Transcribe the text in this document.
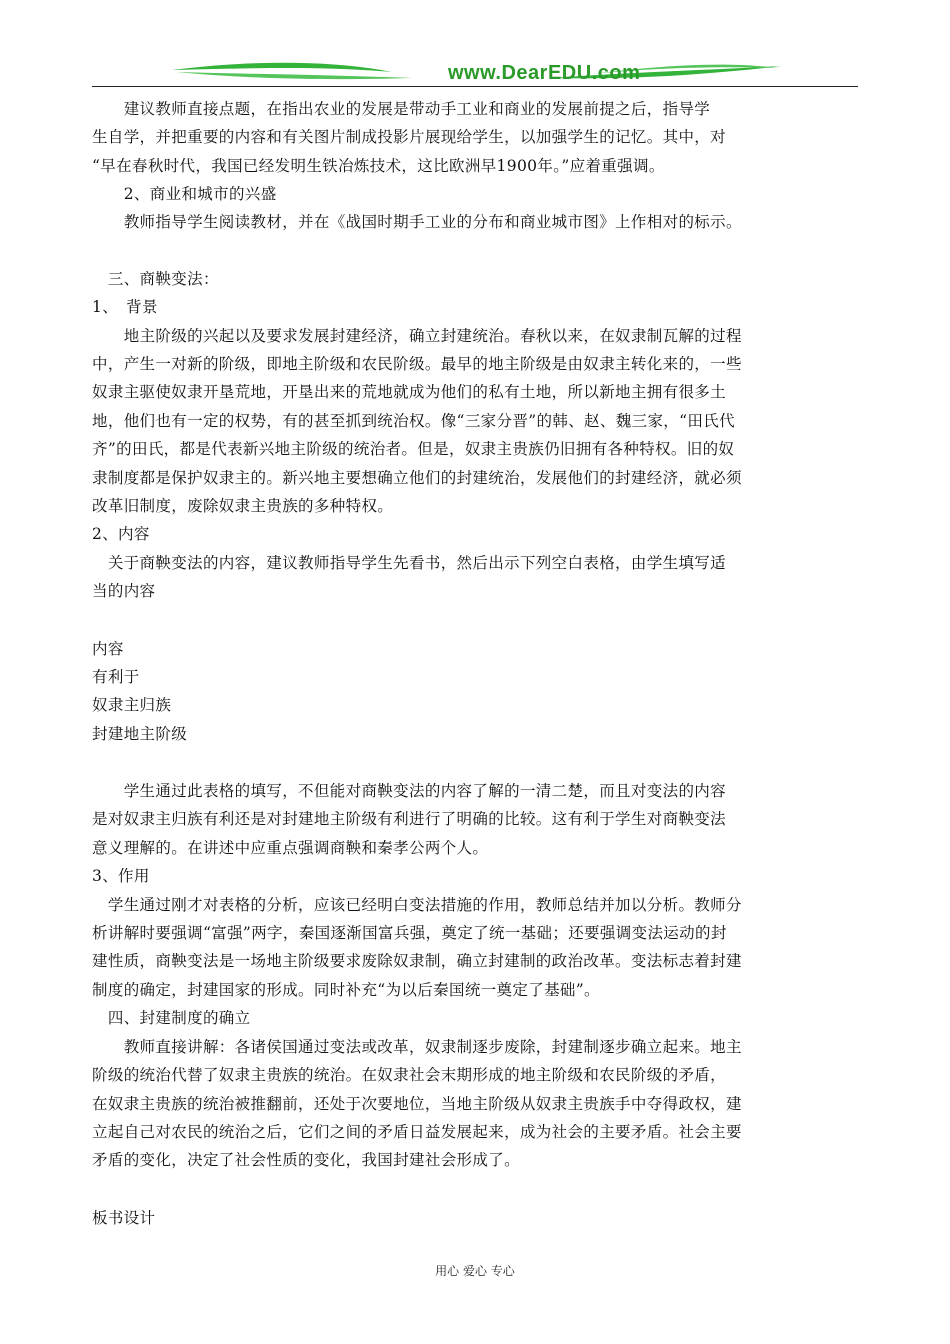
www.DearEDU.com
　　建议教师直接点题，在指出农业的发展是带动手工业和商业的发展前提之后，指导学
生自学，并把重要的内容和有关图片制成投影片展现给学生，以加强学生的记忆。其中，对
“早在春秋时代，我国已经发明生铁冶炼技术，这比欧洲早1900年。”应着重强调。
　　2、商业和城市的兴盛
　　教师指导学生阅读教材，并在《战国时期手工业的分布和商业城市图》上作相对的标示。
　三、商鞅变法：
1、　背景
　　地主阶级的兴起以及要求发展封建经济，确立封建统治。春秋以来，在奴隶制瓦解的过程
中，产生一对新的阶级，即地主阶级和农民阶级。最早的地主阶级是由奴隶主转化来的，一些
奴隶主驱使奴隶开垦荒地，开垦出来的荒地就成为他们的私有土地，所以新地主拥有很多土
地，他们也有一定的权势，有的甚至抓到统治权。像“三家分晋”的韩、赵、魏三家，“田氏代
齐”的田氏，都是代表新兴地主阶级的统治者。但是，奴隶主贵族仍旧拥有各种特权。旧的奴
隶制度都是保护奴隶主的。新兴地主要想确立他们的封建统治，发展他们的封建经济，就必须
改革旧制度，废除奴隶主贵族的多种特权。
2、内容
　关于商鞅变法的内容，建议教师指导学生先看书，然后出示下列空白表格，由学生填写适
当的内容
内容
有利于
奴隶主归族
封建地主阶级
　　学生通过此表格的填写，不但能对商鞅变法的内容了解的一清二楚，而且对变法的内容
是对奴隶主归族有利还是对封建地主阶级有利进行了明确的比较。这有利于学生对商鞅变法
意义理解的。在讲述中应重点强调商鞅和秦孝公两个人。
3、作用
　学生通过刚才对表格的分析，应该已经明白变法措施的作用，教师总结并加以分析。教师分
析讲解时要强调“富强”两字，秦国逐渐国富兵强，奠定了统一基础；还要强调变法运动的封
建性质，商鞅变法是一场地主阶级要求废除奴隶制，确立封建制的政治改革。变法标志着封建
制度的确定，封建国家的形成。同时补充“为以后秦国统一奠定了基础”。
　四、封建制度的确立
　　教师直接讲解：各诸侯国通过变法或改革，奴隶制逐步废除，封建制逐步确立起来。地主
阶级的统治代替了奴隶主贵族的统治。在奴隶社会末期形成的地主阶级和农民阶级的矛盾，
在奴隶主贵族的统治被推翻前，还处于次要地位，当地主阶级从奴隶主贵族手中夺得政权，建
立起自己对农民的统治之后，它们之间的矛盾日益发展起来，成为社会的主要矛盾。社会主要
矛盾的变化，决定了社会性质的变化，我国封建社会形成了。
板书设计
用心 爱心 专心
